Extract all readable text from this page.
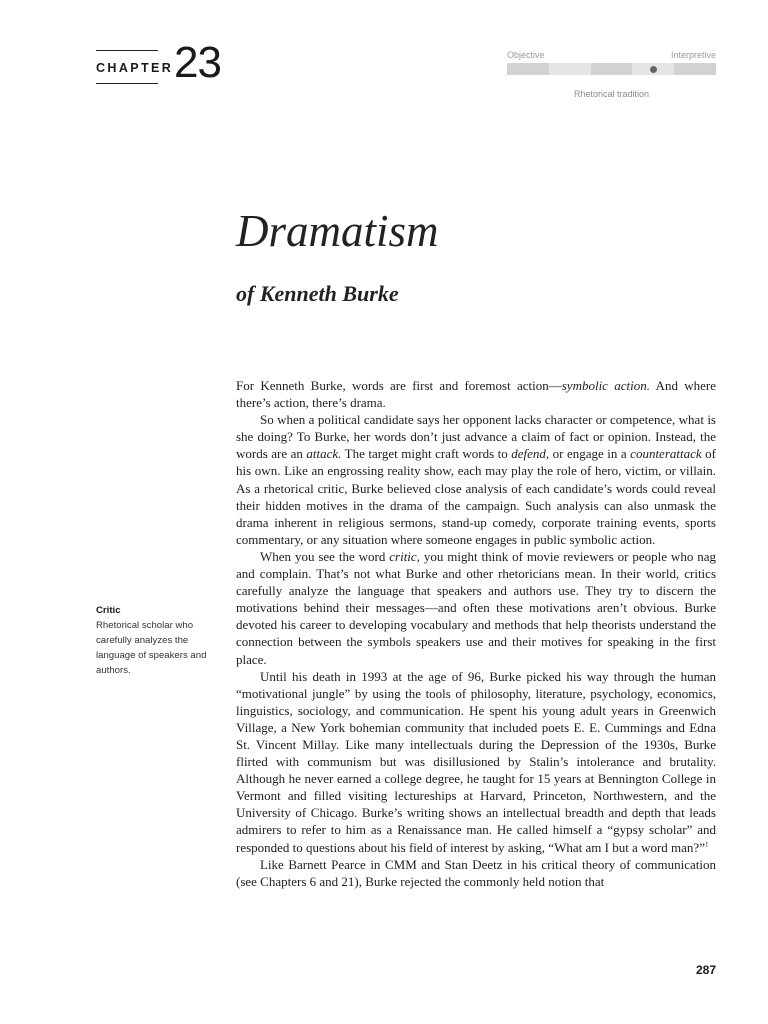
CHAPTER 23	Objective	Interpretive
Rhetorical tradition
Dramatism
of Kenneth Burke
Critic
Rhetorical scholar who carefully analyzes the language of speakers and authors.

For Kenneth Burke, words are first and foremost action—symbolic action. And where there’s action, there’s drama.

So when a political candidate says her opponent lacks character or competence, what is she doing? To Burke, her words don’t just advance a claim of fact or opinion. Instead, the words are an attack. The target might craft words to defend, or engage in a counterattack of his own. Like an engrossing reality show, each may play the role of hero, victim, or villain. As a rhetorical critic, Burke believed close analysis of each candidate’s words could reveal their hidden motives in the drama of the campaign. Such analysis can also unmask the drama inherent in religious sermons, stand-up comedy, corporate training events, sports commentary, or any situation where someone engages in public symbolic action.

When you see the word critic, you might think of movie reviewers or people who nag and complain. That’s not what Burke and other rhetoricians mean. In their world, critics carefully analyze the language that speakers and authors use. They try to discern the motivations behind their messages—and often these motivations aren’t obvious. Burke devoted his career to developing vocabulary and methods that help theorists understand the connection between the symbols speakers use and their motives for speaking in the first place.

Until his death in 1993 at the age of 96, Burke picked his way through the human “motivational jungle” by using the tools of philosophy, literature, psychology, economics, linguistics, sociology, and communication. He spent his young adult years in Greenwich Village, a New York bohemian community that included poets E. E. Cummings and Edna St. Vincent Millay. Like many intellectuals during the Depression of the 1930s, Burke flirted with communism but was disillusioned by Stalin’s intolerance and brutality. Although he never earned a college degree, he taught for 15 years at Bennington College in Vermont and filled visiting lectureships at Harvard, Princeton, Northwestern, and the University of Chicago. Burke’s writing shows an intellectual breadth and depth that leads admirers to refer to him as a Renaissance man. He called himself a “gypsy scholar” and responded to questions about his field of interest by asking, “What am I but a word man?”$^1$

Like Barnett Pearce in CMM and Stan Deetz in his critical theory of communication (see Chapters 6 and 21), Burke rejected the commonly held notion that

287
